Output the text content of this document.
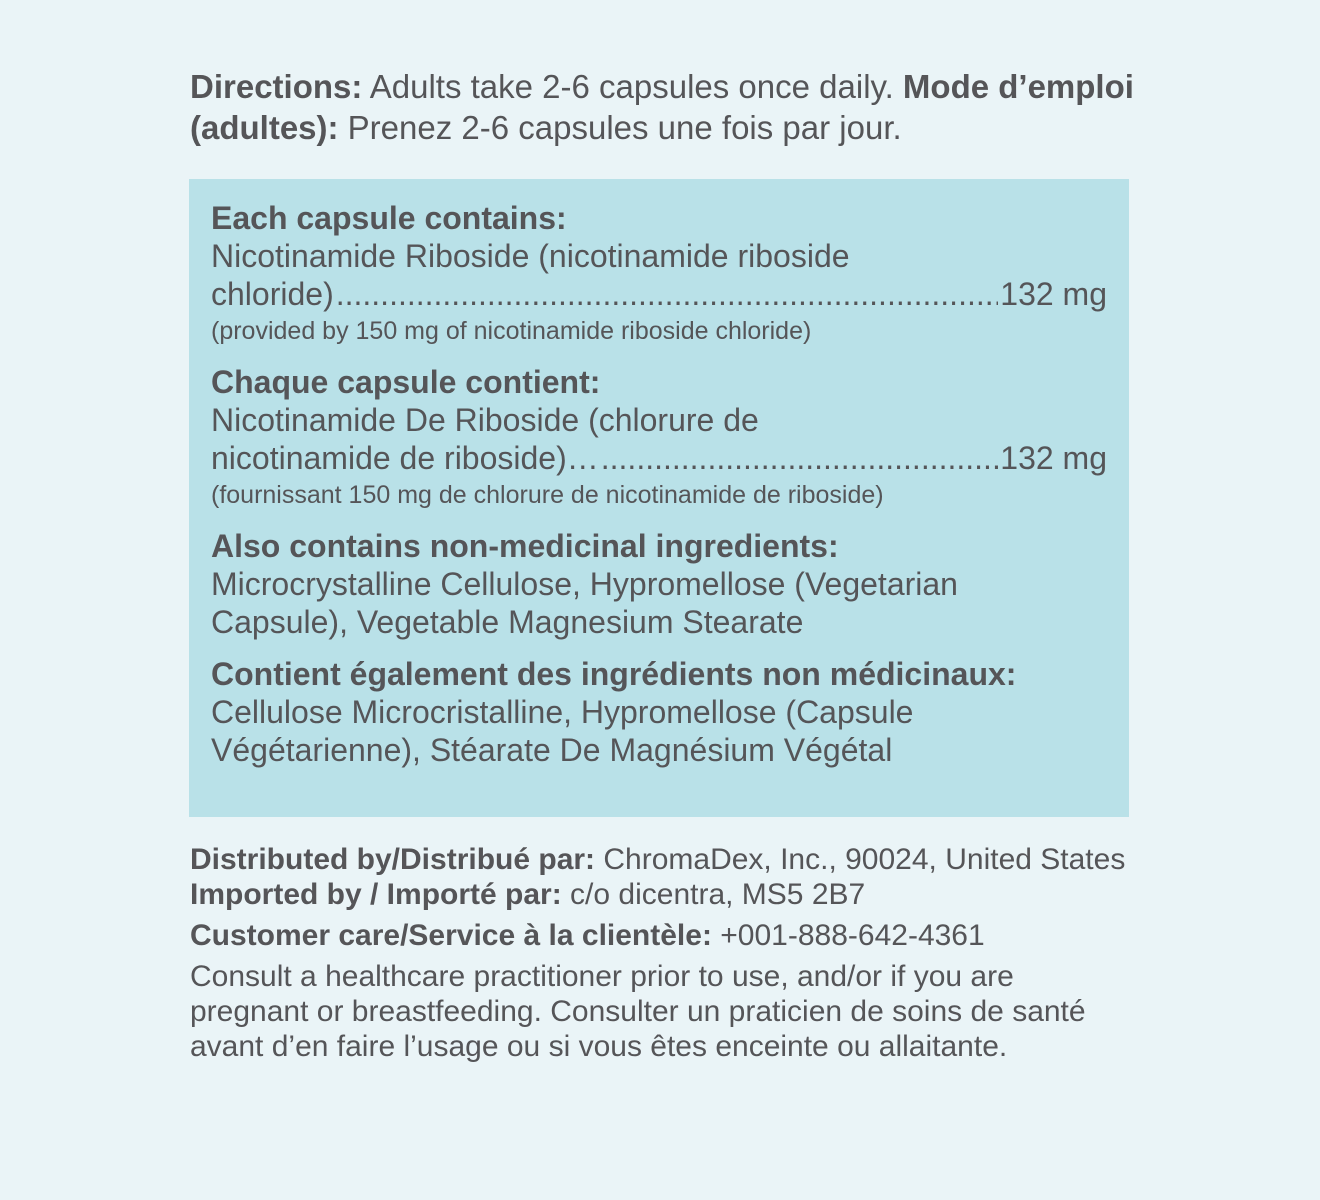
Directions: Adults take 2-6 capsules once daily. Mode d’emploi (adultes): Prenez 2-6 capsules une fois par jour.
Each capsule contains:
Nicotinamide Riboside (nicotinamide riboside
chloride) .....	132 mg
(provided by 150 mg of nicotinamide riboside chloride)
Chaque capsule contient:
Nicotinamide De Riboside (chlorure de
nicotinamide de riboside)… .....	132 mg
(fournissant 150 mg de chlorure de nicotinamide de riboside)
Also contains non-medicinal ingredients:
Microcrystalline Cellulose, Hypromellose (Vegetarian
Capsule), Vegetable Magnesium Stearate
Contient également des ingrédients non médicinaux:
Cellulose Microcristalline, Hypromellose (Capsule
Végétarienne), Stéarate De Magnésium Végétal

Distributed by/Distribué par: ChromaDex, Inc., 90024, United States Imported by / Importé par: c/o dicentra, MS5 2B7

Customer care/Service à la clientèle: +001-888-642-4361

Consult a healthcare practitioner prior to use, and/or if you are pregnant or breastfeeding. Consulter un praticien de soins de santé avant d’en faire l’usage ou si vous êtes enceinte ou allaitante.
